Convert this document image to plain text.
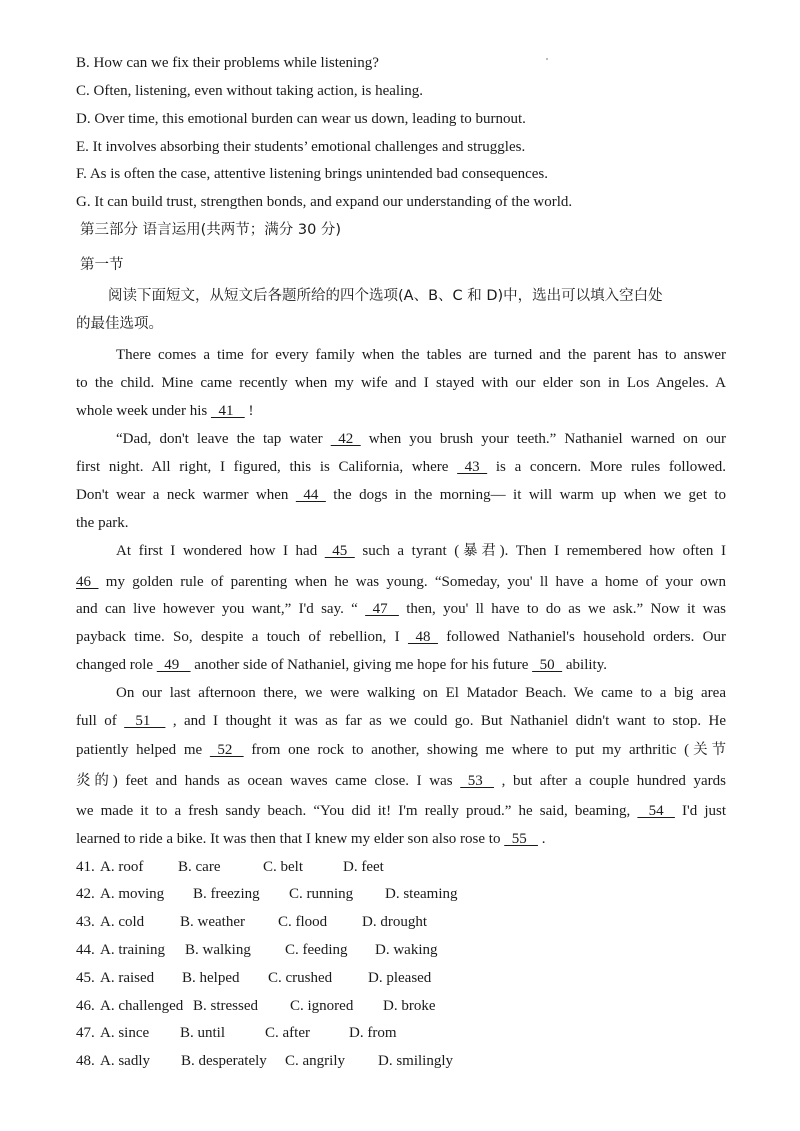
B. How can we fix their problems while listening?
C. Often, listening, even without taking action, is healing.
D. Over time, this emotional burden can wear us down, leading to burnout.
E. It involves absorbing their students’ emotional challenges and struggles.
F. As is often the case, attentive listening brings unintended bad consequences.
G. It can build trust, strengthen bonds, and expand our understanding of the world.
第三部分 语言运用(共两节；满分 30 分)
第一节
阅读下面短文，从短文后各题所给的四个选项(A、B、C 和 D)中，选出可以填入空白处
的最佳选项。
There comes a time for every family when the tables are turned and the parent has to answer
to the child. Mine came recently when my wife and I stayed with our elder son in Los Angeles. A
whole week under his   41    !
“Dad, don't leave the tap water   42   when you brush your teeth.” Nathaniel warned on our
first night. All right, I figured, this is California, where   43   is a concern. More rules followed.
Don't wear a neck warmer when   44   the dogs in the morning— it will warm up when we get to
the park.
At first I wondered how I had   45   such a tyrant (暴君). Then I remembered how often I
46   my golden rule of parenting when he was young. “Someday, you' ll have a home of your own
and can live however you want,” I'd say. “   47    then, you' ll have to do as we ask.” Now it was
payback time. So, despite a touch of rebellion, I   48   followed Nathaniel's household orders. Our
changed role   49    another side of Nathaniel, giving me hope for his future   50   ability.
On our last afternoon there, we were walking on El Matador Beach. We came to a big area
full of    51     , and I thought it was as far as we could go. But Nathaniel didn't want to stop. He
patiently helped me   52    from one rock to another, showing me where to put my arthritic (关节
炎的) feet and hands as ocean waves came close. I was   53    , but after a couple hundred yards
we made it to a fresh sandy beach. “You did it! I'm really proud.” he said, beaming,    54    I'd just
learned to ride a bike. It was then that I knew my elder son also rose to   55    .
41. A. roof B. care	C. belt	D. feet
42. A. moving B. freezing C. running D. steaming
43. A. cold B. weather C. flood D. drought
44. A. training B. walking C. feeding D. waking
45. A. raised B. helped C. crushed D. pleased
46. A. challenged B. stressed C. ignored D. broke
47. A. since B. until	C. after	D. from
48. A. sadly B. desperately C. angrily D. smilingly
